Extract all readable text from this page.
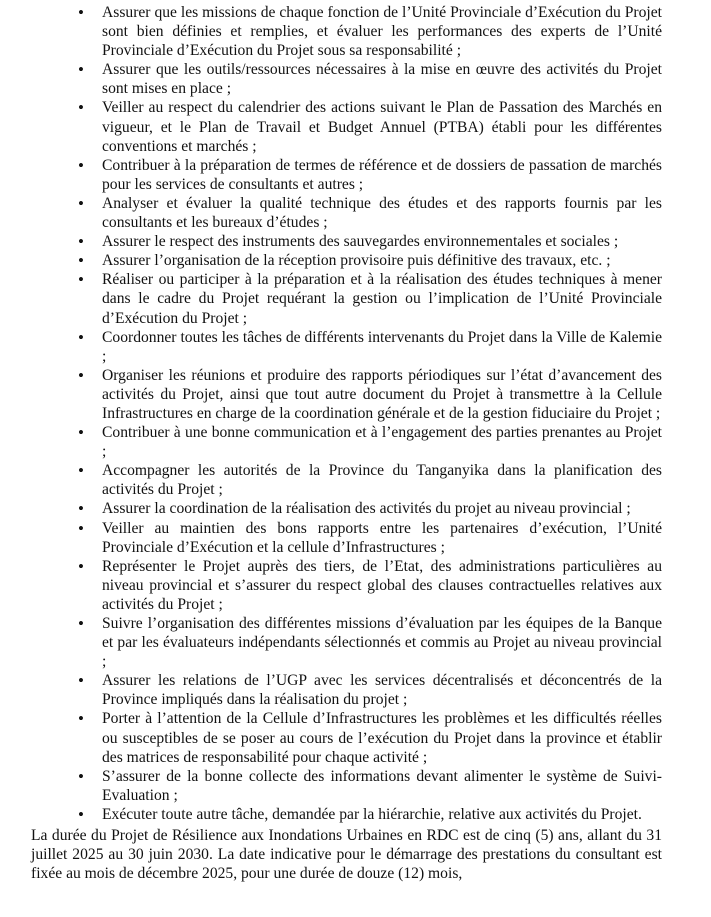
• Assurer que les missions de chaque fonction de l’Unité Provinciale d’Exécution du Projet sont bien définies et remplies, et évaluer les performances des experts de l’Unité Provinciale d’Exécution du Projet sous sa responsabilité ;
• Assurer que les outils/ressources nécessaires à la mise en œuvre des activités du Projet sont mises en place ;
• Veiller au respect du calendrier des actions suivant le Plan de Passation des Marchés en vigueur, et le Plan de Travail et Budget Annuel (PTBA) établi pour les différentes conventions et marchés ;
• Contribuer à la préparation de termes de référence et de dossiers de passation de marchés pour les services de consultants et autres ;
• Analyser et évaluer la qualité technique des études et des rapports fournis par les consultants et les bureaux d’études ;
• Assurer le respect des instruments des sauvegardes environnementales et sociales ;
• Assurer l’organisation de la réception provisoire puis définitive des travaux, etc. ;
• Réaliser ou participer à la préparation et à la réalisation des études techniques à mener dans le cadre du Projet requérant la gestion ou l’implication de l’Unité Provinciale d’Exécution du Projet ;
• Coordonner toutes les tâches de différents intervenants du Projet dans la Ville de Kalemie ;
• Organiser les réunions et produire des rapports périodiques sur l’état d’avancement des activités du Projet, ainsi que tout autre document du Projet à transmettre à la Cellule Infrastructures en charge de la coordination générale et de la gestion fiduciaire du Projet ;
• Contribuer à une bonne communication et à l’engagement des parties prenantes au Projet ;
• Accompagner les autorités de la Province du Tanganyika dans la planification des activités du Projet ;
• Assurer la coordination de la réalisation des activités du projet au niveau provincial ;
• Veiller au maintien des bons rapports entre les partenaires d’exécution, l’Unité Provinciale d’Exécution et la cellule d’Infrastructures ;
• Représenter le Projet auprès des tiers, de l’Etat, des administrations particulières au niveau provincial et s’assurer du respect global des clauses contractuelles relatives aux activités du Projet ;
• Suivre l’organisation des différentes missions d’évaluation par les équipes de la Banque et par les évaluateurs indépendants sélectionnés et commis au Projet au niveau provincial ;
• Assurer les relations de l’UGP avec les services décentralisés et déconcentrés de la Province impliqués dans la réalisation du projet ;
• Porter à l’attention de la Cellule d’Infrastructures les problèmes et les difficultés réelles ou susceptibles de se poser au cours de l’exécution du Projet dans la province et établir des matrices de responsabilité pour chaque activité ;
• S’assurer de la bonne collecte des informations devant alimenter le système de Suivi-Evaluation ;
• Exécuter toute autre tâche, demandée par la hiérarchie, relative aux activités du Projet.

La durée du Projet de Résilience aux Inondations Urbaines en RDC est de cinq (5) ans, allant du 31 juillet 2025 au 30 juin 2030. La date indicative pour le démarrage des prestations du consultant est fixée au mois de décembre 2025, pour une durée de douze (12) mois,
